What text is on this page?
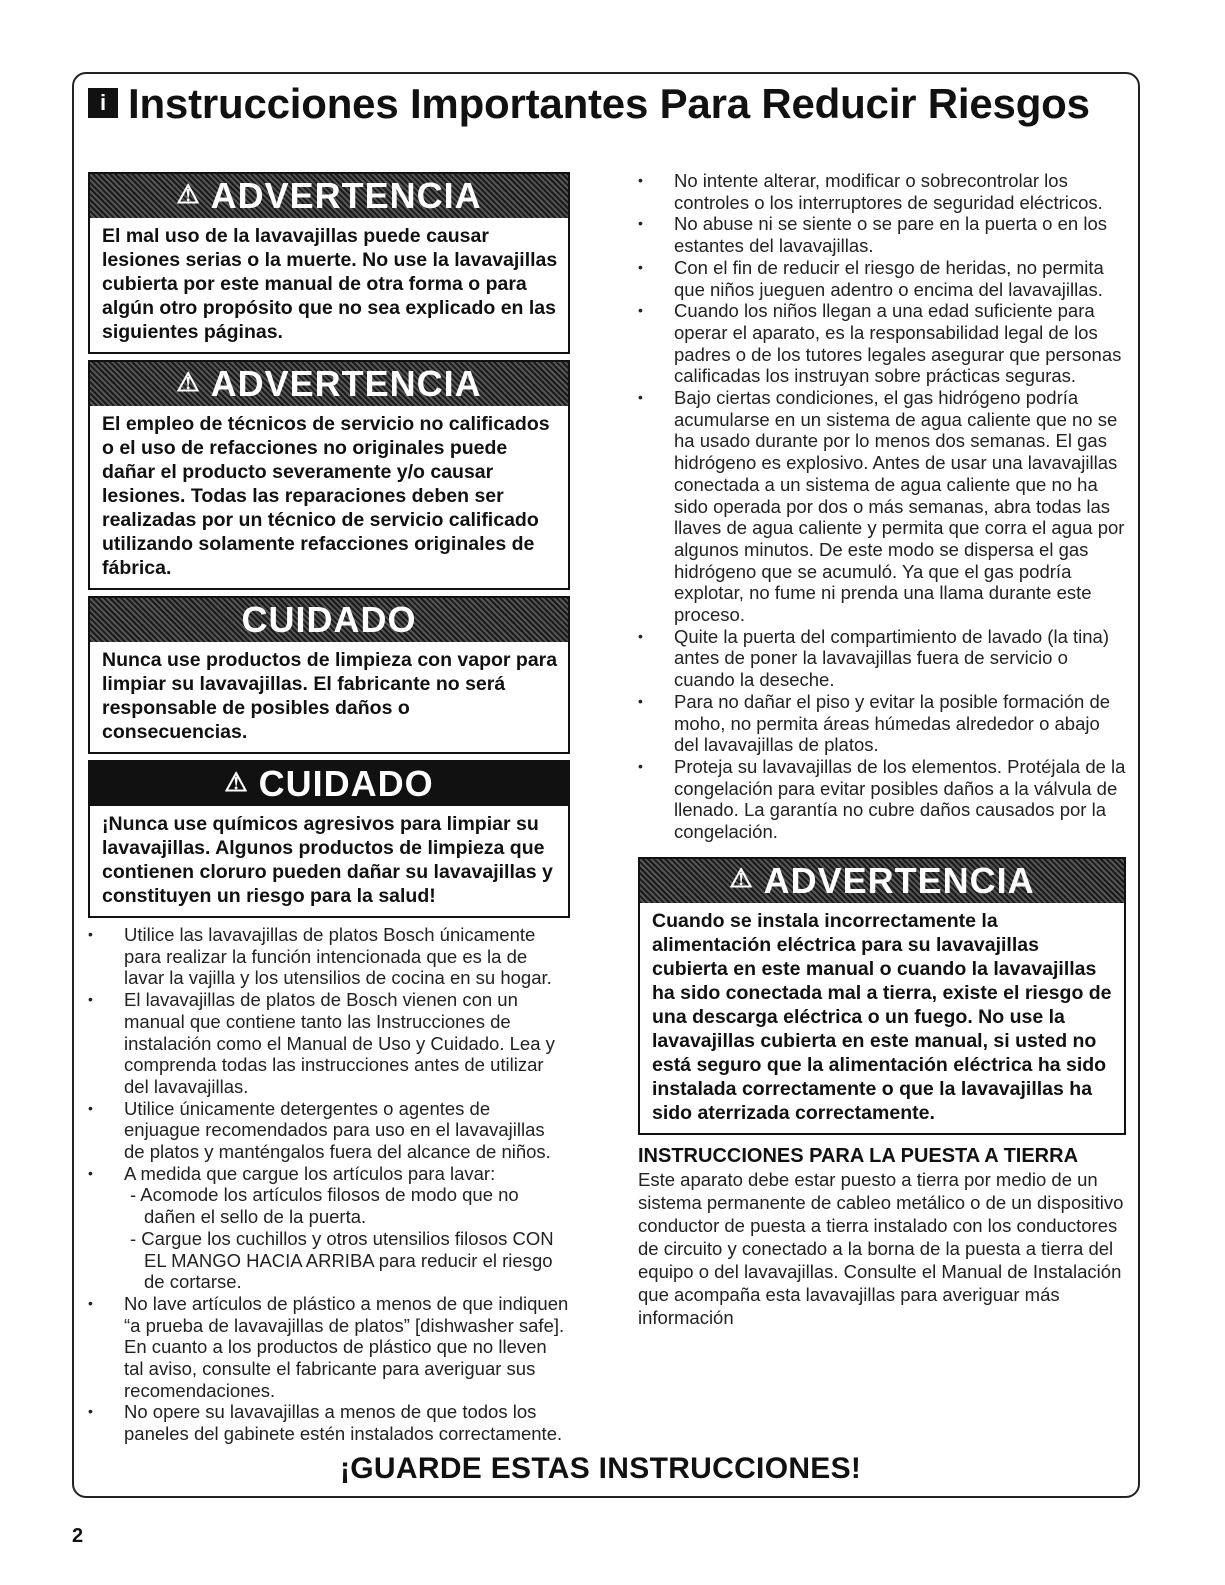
i Instrucciones Importantes Para Reducir Riesgos
⚠ ADVERTENCIA
El mal uso de la lavavajillas puede causar lesiones serias o la muerte. No use la lavavajillas cubierta por este manual de otra forma o para algún otro propósito que no sea explicado en las siguientes páginas.
⚠ ADVERTENCIA
El empleo de técnicos de servicio no calificados o el uso de refacciones no originales puede dañar el producto severamente y/o causar lesiones. Todas las reparaciones deben ser realizadas por un técnico de servicio calificado utilizando solamente refacciones originales de fábrica.
CUIDADO
Nunca use productos de limpieza con vapor para limpiar su lavavajillas. El fabricante no será responsable de posibles daños o consecuencias.
⚠ CUIDADO
¡Nunca use químicos agresivos para limpiar su lavavajillas. Algunos productos de limpieza que contienen cloruro pueden dañar su lavavajillas y constituyen un riesgo para la salud!
• Utilice las lavavajillas de platos Bosch únicamente para realizar la función intencionada que es la de lavar la vajilla y los utensilios de cocina en su hogar.
• El lavavajillas de platos de Bosch vienen con un manual que contiene tanto las Instrucciones de instalación como el Manual de Uso y Cuidado. Lea y comprenda todas las instrucciones antes de utilizar del lavavajillas.
• Utilice únicamente detergentes o agentes de enjuague recomendados para uso en el lavavajillas de platos y manténgalos fuera del alcance de niños.
• A medida que cargue los artículos para lavar:
- Acomode los artículos filosos de modo que no dañen el sello de la puerta.
- Cargue los cuchillos y otros utensilios filosos CON EL MANGO HACIA ARRIBA para reducir el riesgo de cortarse.
• No lave artículos de plástico a menos de que indiquen “a prueba de lavavajillas de platos” [dishwasher safe]. En cuanto a los productos de plástico que no lleven tal aviso, consulte el fabricante para averiguar sus recomendaciones.
• No opere su lavavajillas a menos de que todos los paneles del gabinete estén instalados correctamente.
• No intente alterar, modificar o sobrecontrolar los controles o los interruptores de seguridad eléctricos.
• No abuse ni se siente o se pare en la puerta o en los estantes del lavavajillas.
• Con el fin de reducir el riesgo de heridas, no permita que niños jueguen adentro o encima del lavavajillas.
• Cuando los niños llegan a una edad suficiente para operar el aparato, es la responsabilidad legal de los padres o de los tutores legales asegurar que personas calificadas los instruyan sobre prácticas seguras.
• Bajo ciertas condiciones, el gas hidrógeno podría acumularse en un sistema de agua caliente que no se ha usado durante por lo menos dos semanas. El gas hidrógeno es explosivo. Antes de usar una lavavajillas conectada a un sistema de agua caliente que no ha sido operada por dos o más semanas, abra todas las llaves de agua caliente y permita que corra el agua por algunos minutos. De este modo se dispersa el gas hidrógeno que se acumuló. Ya que el gas podría explotar, no fume ni prenda una llama durante este proceso.
• Quite la puerta del compartimiento de lavado (la tina) antes de poner la lavavajillas fuera de servicio o cuando la deseche.
• Para no dañar el piso y evitar la posible formación de moho, no permita áreas húmedas alrededor o abajo del lavavajillas de platos.
• Proteja su lavavajillas de los elementos. Protéjala de la congelación para evitar posibles daños a la válvula de llenado. La garantía no cubre daños causados por la congelación.
⚠ ADVERTENCIA
Cuando se instala incorrectamente la alimentación eléctrica para su lavavajillas cubierta en este manual o cuando la lavavajillas ha sido conectada mal a tierra, existe el riesgo de una descarga eléctrica o un fuego. No use la lavavajillas cubierta en este manual, si usted no está seguro que la alimentación eléctrica ha sido instalada correctamente o que la lavavajillas ha sido aterrizada correctamente.
INSTRUCCIONES PARA LA PUESTA A TIERRA
Este aparato debe estar puesto a tierra por medio de un sistema permanente de cableo metálico o de un dispositivo conductor de puesta a tierra instalado con los conductores de circuito y conectado a la borna de la puesta a tierra del equipo o del lavavajillas. Consulte el Manual de Instalación que acompaña esta lavavajillas para averiguar más información
¡GUARDE ESTAS INSTRUCCIONES!
2
